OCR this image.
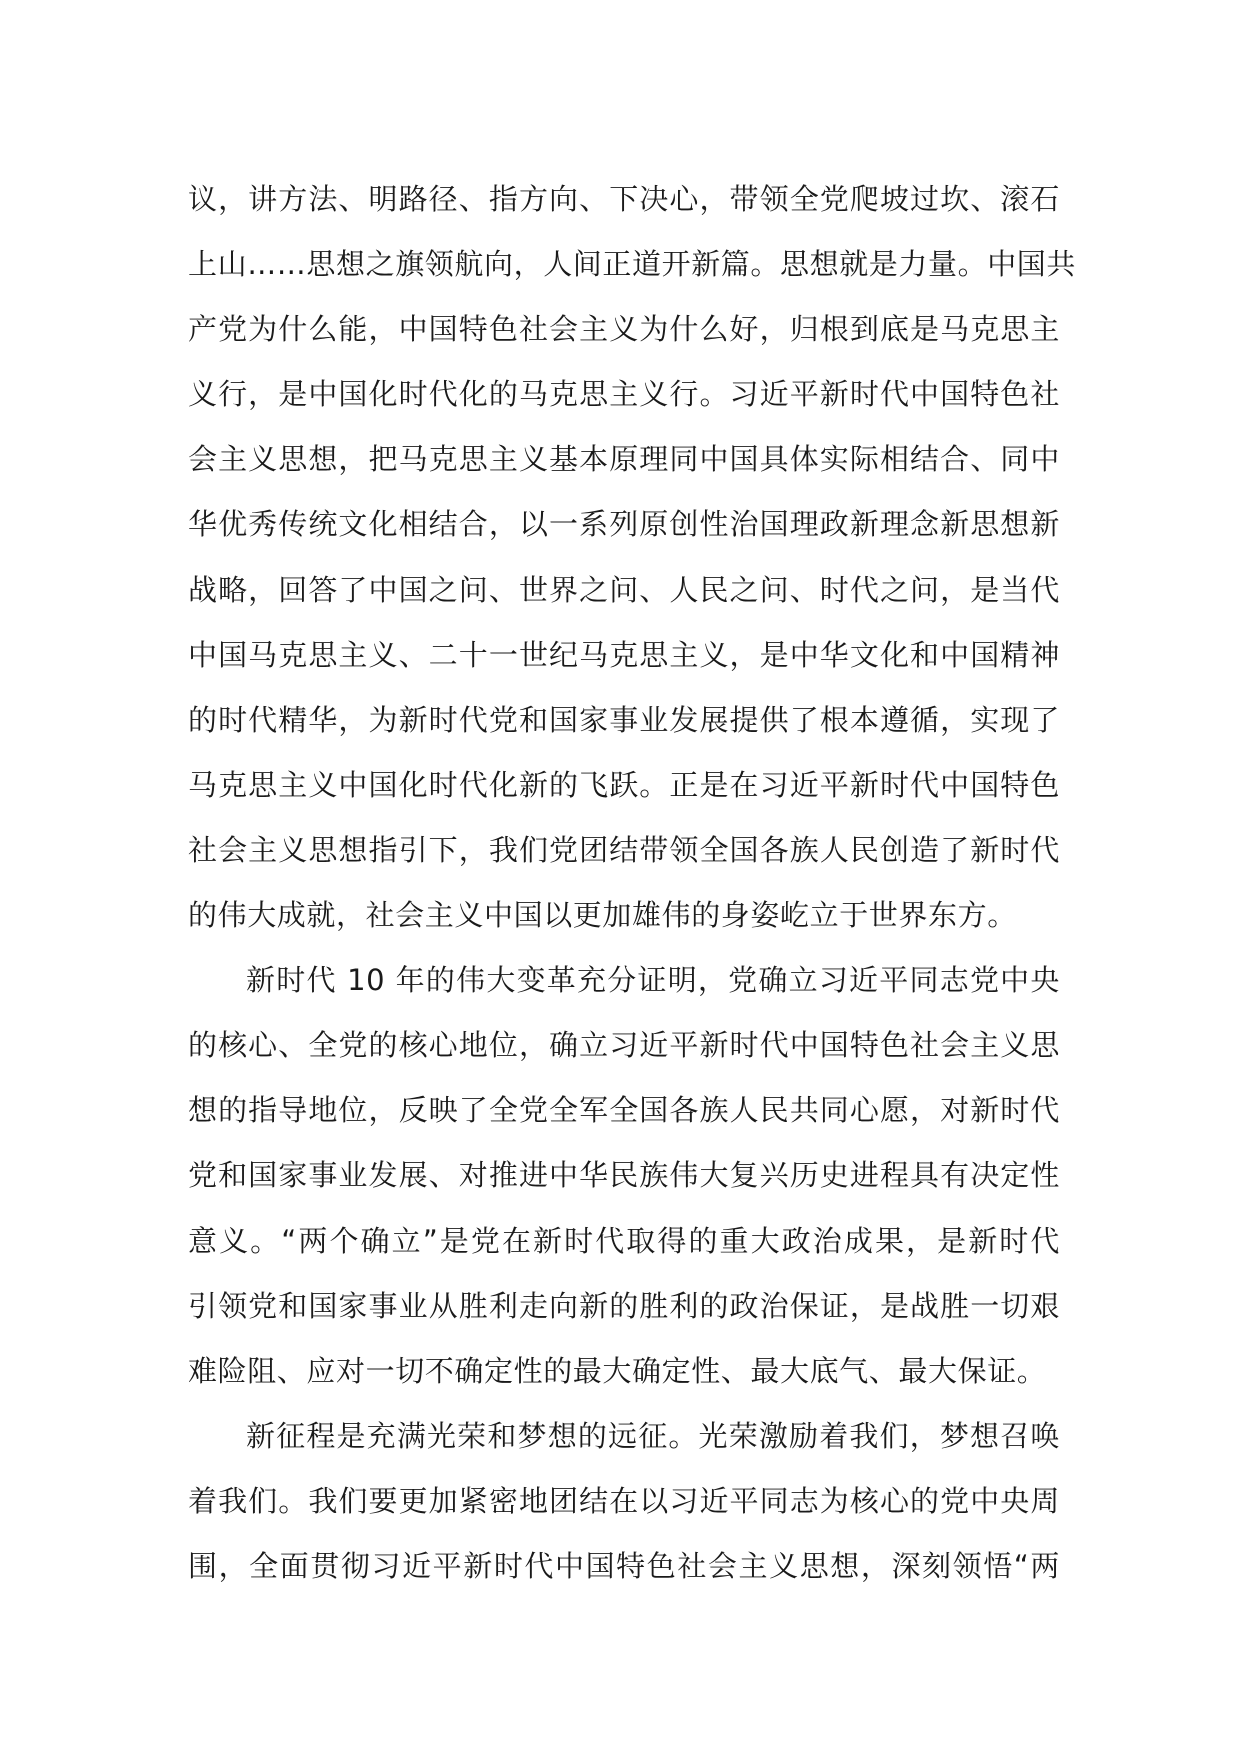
议，讲方法、明路径、指方向、下决心，带领全党爬坡过坎、滚石
上山……思想之旗领航向，人间正道开新篇。思想就是力量。中国共
产党为什么能，中国特色社会主义为什么好，归根到底是马克思主
义行，是中国化时代化的马克思主义行。习近平新时代中国特色社
会主义思想，把马克思主义基本原理同中国具体实际相结合、同中
华优秀传统文化相结合，以一系列原创性治国理政新理念新思想新
战略，回答了中国之问、世界之问、人民之问、时代之问，是当代
中国马克思主义、二十一世纪马克思主义，是中华文化和中国精神
的时代精华，为新时代党和国家事业发展提供了根本遵循，实现了
马克思主义中国化时代化新的飞跃。正是在习近平新时代中国特色
社会主义思想指引下，我们党团结带领全国各族人民创造了新时代
的伟大成就，社会主义中国以更加雄伟的身姿屹立于世界东方。
新时代 10 年的伟大变革充分证明，党确立习近平同志党中央
的核心、全党的核心地位，确立习近平新时代中国特色社会主义思
想的指导地位，反映了全党全军全国各族人民共同心愿，对新时代
党和国家事业发展、对推进中华民族伟大复兴历史进程具有决定性
意义。“两个确立”是党在新时代取得的重大政治成果，是新时代
引领党和国家事业从胜利走向新的胜利的政治保证，是战胜一切艰
难险阻、应对一切不确定性的最大确定性、最大底气、最大保证。
新征程是充满光荣和梦想的远征。光荣激励着我们，梦想召唤
着我们。我们要更加紧密地团结在以习近平同志为核心的党中央周
围，全面贯彻习近平新时代中国特色社会主义思想，深刻领悟“两
